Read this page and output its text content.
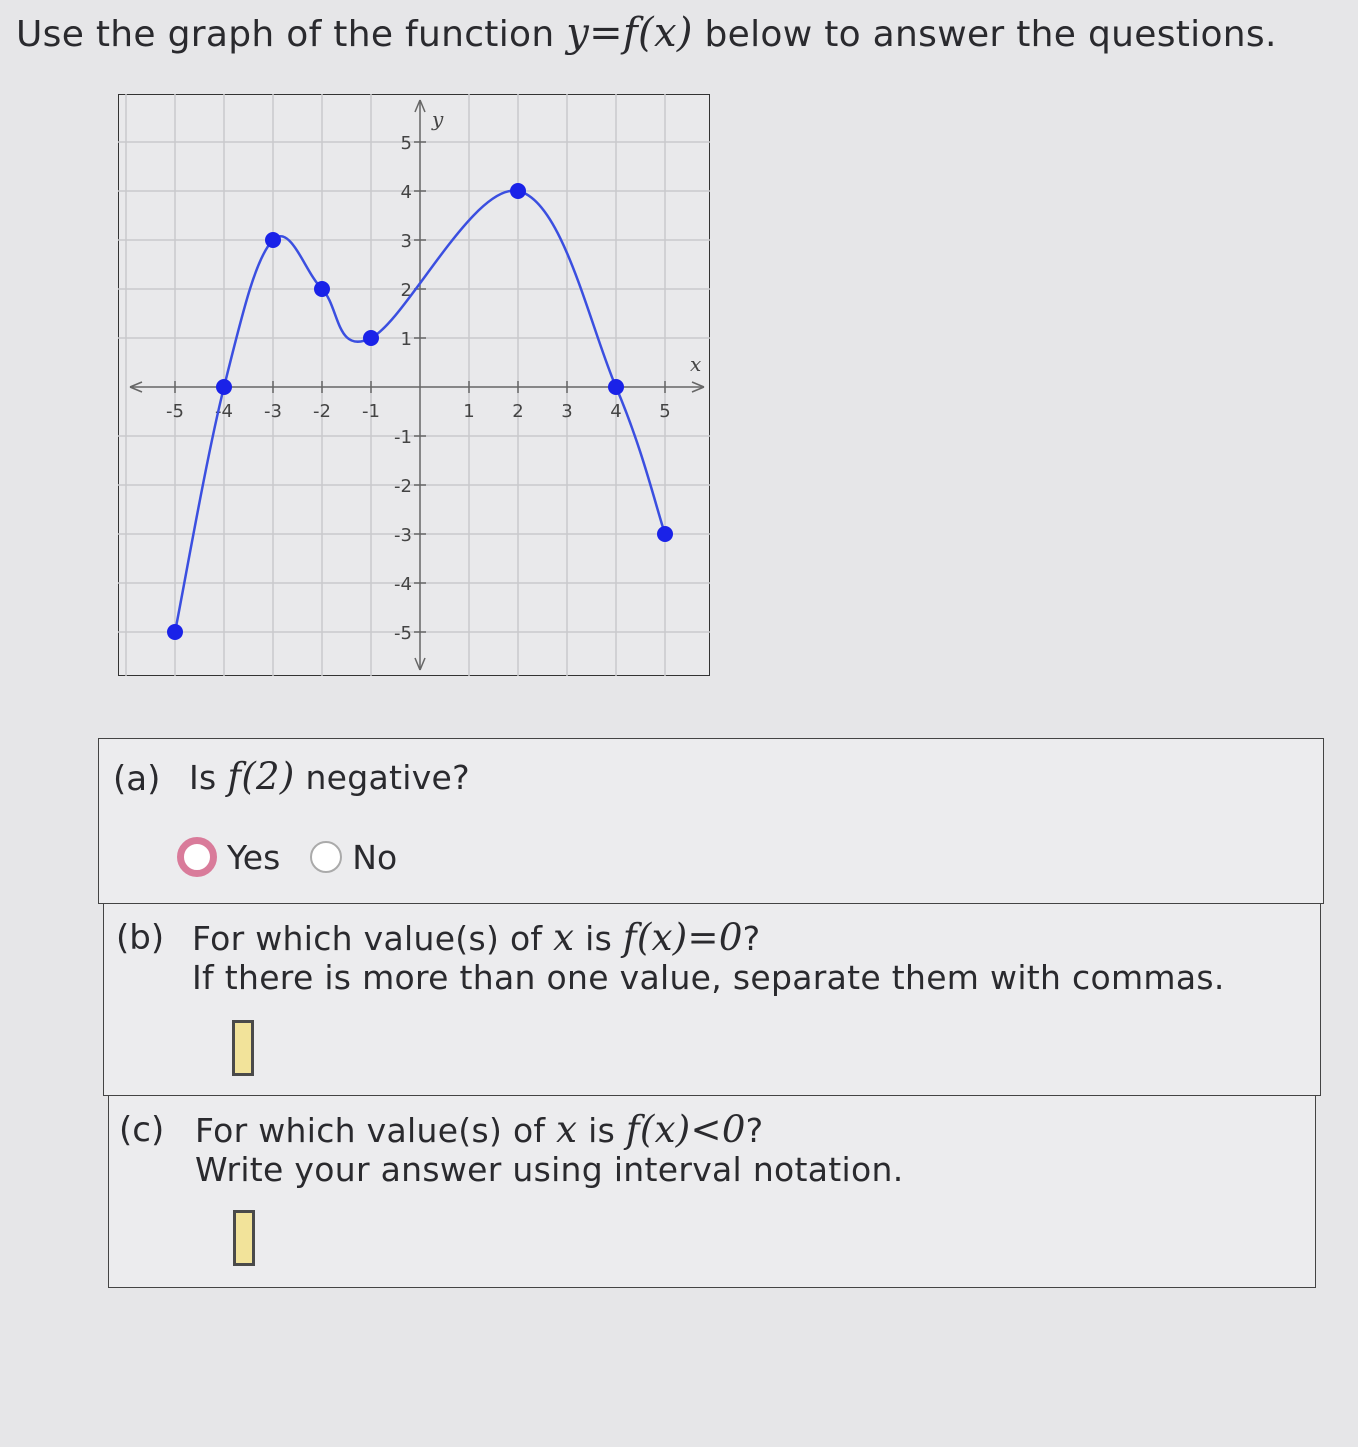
Use the graph of the function y=f(x) below to answer the questions.
-5 -4 -3 -2 -1	1 2 3 4 5
5
4
3
2
1
-1
-2
-3
-4
-5
y
x
(a) Is f(2) negative?
Yes No
(b) For which value(s) of x is f(x)=0?
If there is more than one value, separate them with commas.
(c) For which value(s) of x is f(x)<0?
Write your answer using interval notation.
